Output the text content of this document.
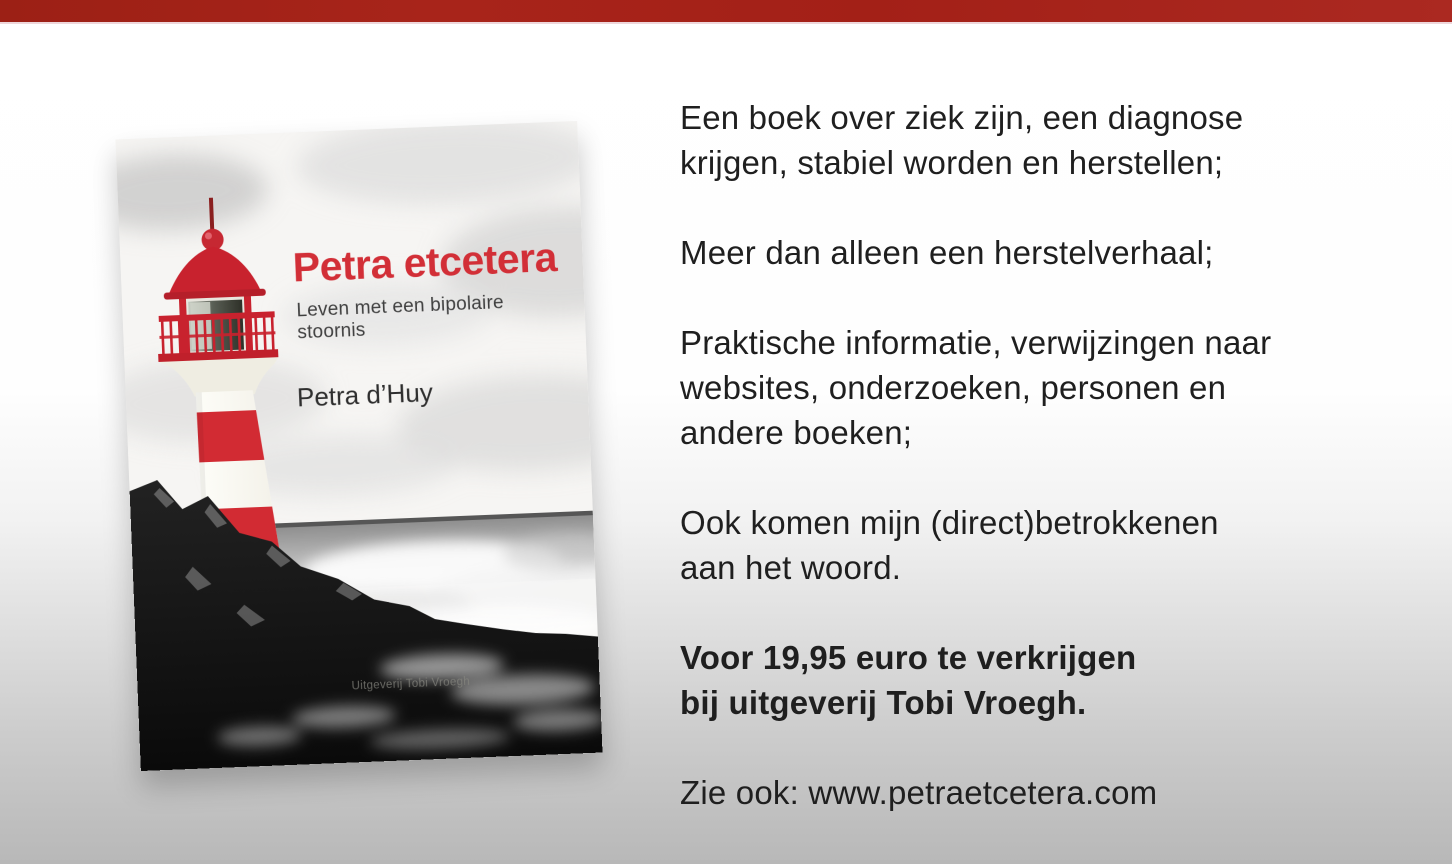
Petra etcetera
Leven met een bipolaire stoornis
Petra d’Huy
Uitgeverij Tobi Vroegh
Een boek over ziek zijn, een diagnose
krijgen, stabiel worden en herstellen;
Meer dan alleen een herstelverhaal;
Praktische informatie, verwijzingen naar
websites, onderzoeken, personen en
andere boeken;
Ook komen mijn (direct)betrokkenen
aan het woord.
Voor 19,95 euro te verkrijgen
bij uitgeverij Tobi Vroegh.
Zie ook: www.petraetcetera.com
